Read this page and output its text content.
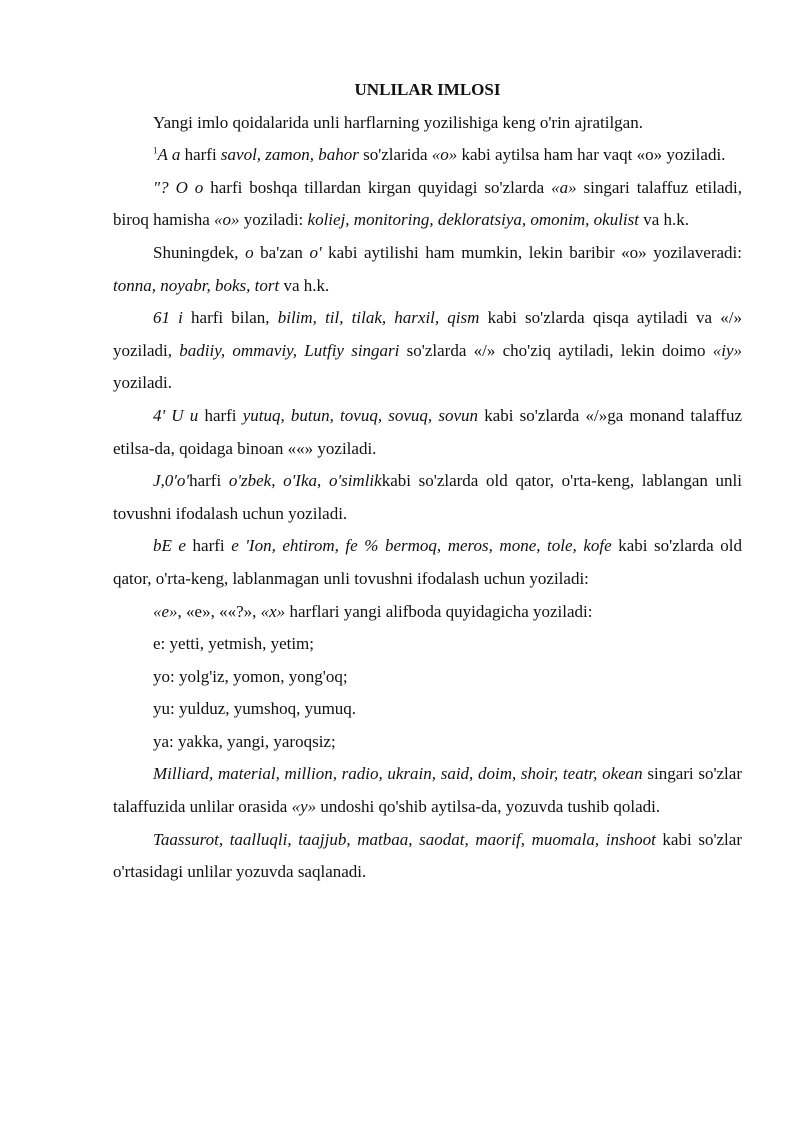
UNLILAR IMLOSI

Yangi imlo qoidalarida unli harflarning yozilishiga keng o'rin ajratilgan.

$^1$A a harfi savol, zamon, bahor so'zlarida «o» kabi aytilsa ham har vaqt «o» yoziladi.

"? O o harfi boshqa tillardan kirgan quyidagi so'zlarda «a» singari talaffuz etiladi, biroq hamisha «o» yoziladi: koliej, monitoring, dekloratsiya, omonim, okulist va h.k.

Shuningdek, o ba'zan o' kabi aytilishi ham mumkin, lekin baribir «o» yozilaveradi: tonna, noyabr, boks, tort va h.k.

61 i harfi bilan, bilim, til, tilak, harxil, qism kabi so'zlarda qisqa aytiladi va «/» yoziladi, badiiy, ommaviy, Lutfiy singari so'zlarda «/» cho'ziq aytiladi, lekin doimo «iy» yoziladi.

4' U u harfi yutuq, butun, tovuq, sovuq, sovun kabi so'zlarda «/»ga monand talaffuz etilsa-da, qoidaga binoan ««» yoziladi.

J,0'o'harfi o'zbek, o'Ika, o'simlikkabi so'zlarda old qator, o'rta-keng, lablangan unli tovushni ifodalash uchun yoziladi.

bE e harfi e 'Ion, ehtirom, fe % bermoq, meros, mone, tole, kofe kabi so'zlarda old qator, o'rta-keng, lablanmagan unli tovushni ifodalash uchun yoziladi:

«e», «e», ««?», «x» harflari yangi alifboda quyidagicha yoziladi:

e: yetti, yetmish, yetim;

yo: yolg'iz, yomon, yong'oq;

yu: yulduz, yumshoq, yumuq.

ya: yakka, yangi, yaroqsiz;

Milliard, material, million, radio, ukrain, said, doim, shoir, teatr, okean singari so'zlar talaffuzida unlilar orasida «y» undoshi qo'shib aytilsa-da, yozuvda tushib qoladi.

Taassurot, taalluqli, taajjub, matbaa, saodat, maorif, muomala, inshoot kabi so'zlar o'rtasidagi unlilar yozuvda saqlanadi.
